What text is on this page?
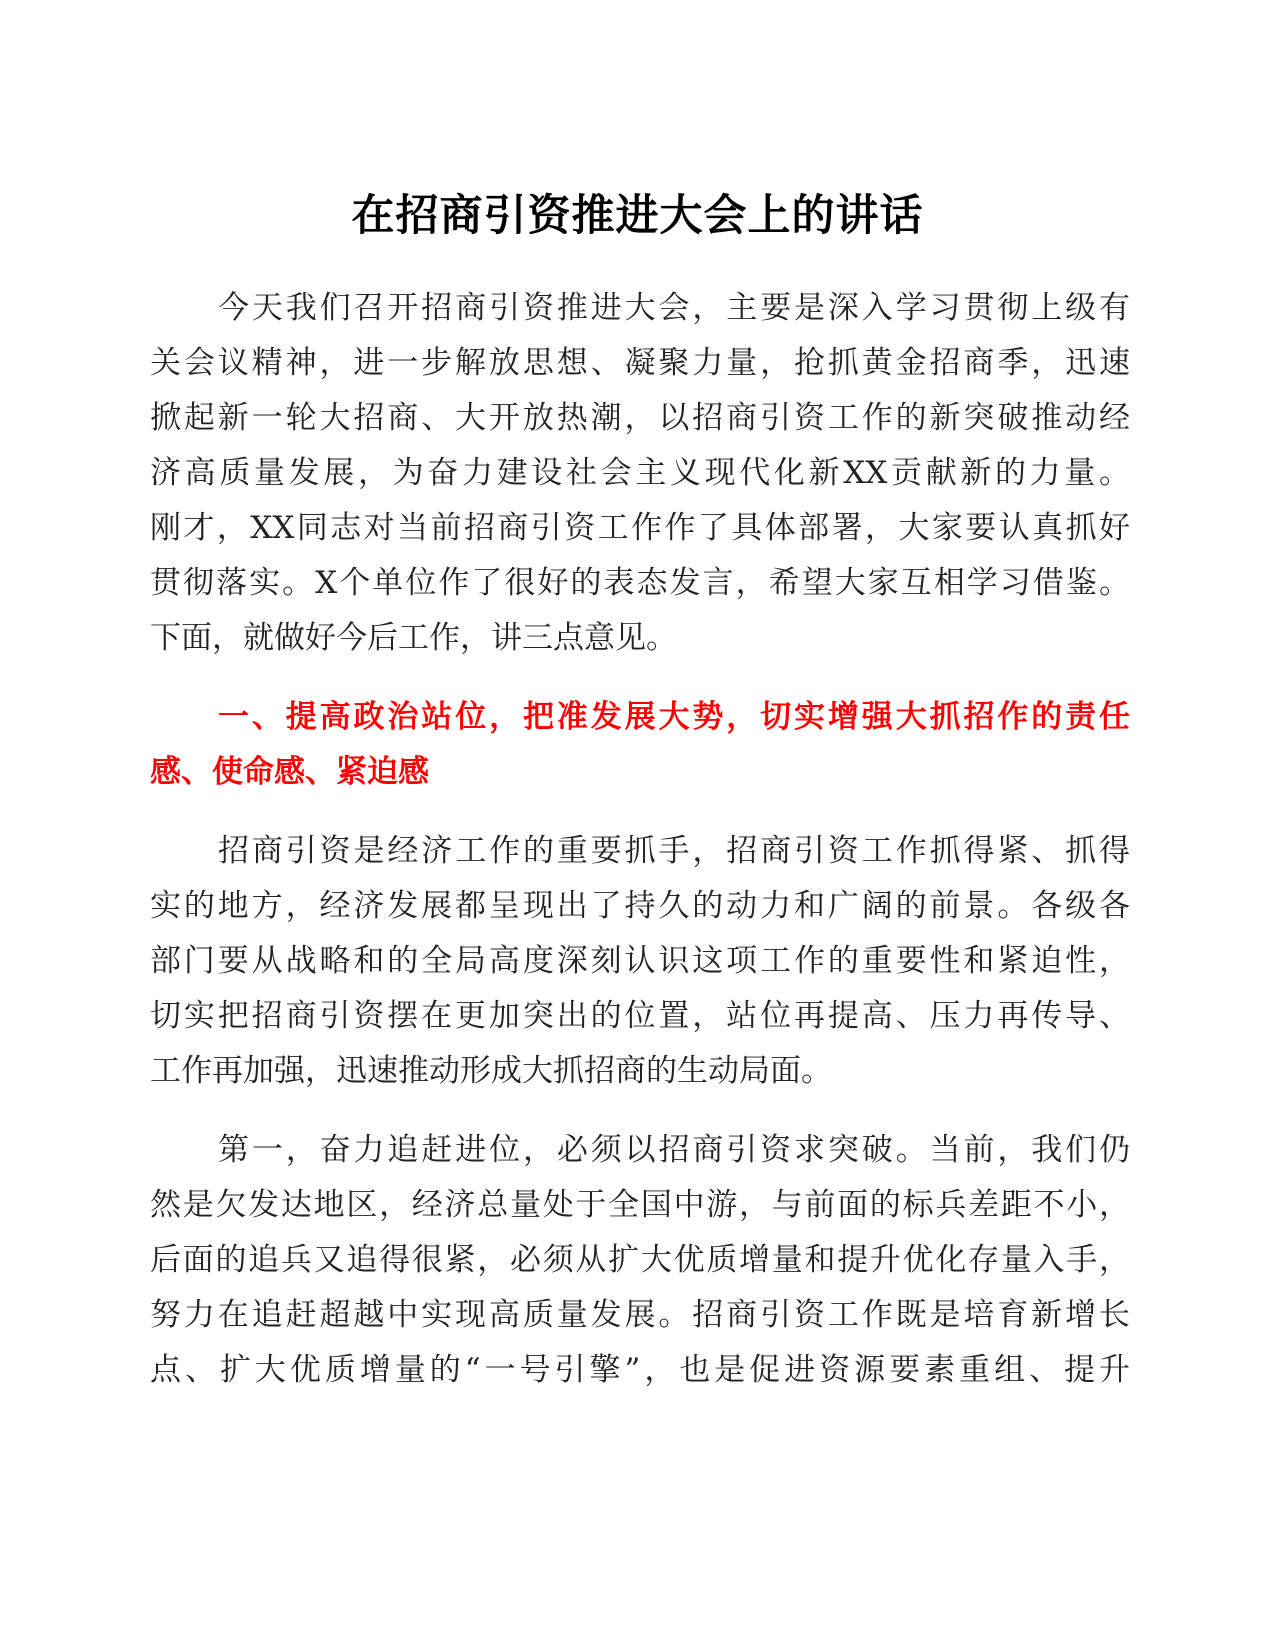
在招商引资推进大会上的讲话
今天我们召开招商引资推进大会，主要是深入学习贯彻上级有
关会议精神，进一步解放思想、凝聚力量，抢抓黄金招商季，迅速
掀起新一轮大招商、大开放热潮，以招商引资工作的新突破推动经
济高质量发展，为奋力建设社会主义现代化新XX贡献新的力量。
刚才，XX同志对当前招商引资工作作了具体部署，大家要认真抓好
贯彻落实。X个单位作了很好的表态发言，希望大家互相学习借鉴。
下面，就做好今后工作，讲三点意见。
一、提高政治站位，把准发展大势，切实增强大抓招作的责任
感、使命感、紧迫感
招商引资是经济工作的重要抓手，招商引资工作抓得紧、抓得
实的地方，经济发展都呈现出了持久的动力和广阔的前景。各级各
部门要从战略和的全局高度深刻认识这项工作的重要性和紧迫性，
切实把招商引资摆在更加突出的位置，站位再提高、压力再传导、
工作再加强，迅速推动形成大抓招商的生动局面。
第一，奋力追赶进位，必须以招商引资求突破。当前，我们仍
然是欠发达地区，经济总量处于全国中游，与前面的标兵差距不小，
后面的追兵又追得很紧，必须从扩大优质增量和提升优化存量入手，
努力在追赶超越中实现高质量发展。招商引资工作既是培育新增长
点、扩大优质增量的“一号引擎”，也是促进资源要素重组、提升
